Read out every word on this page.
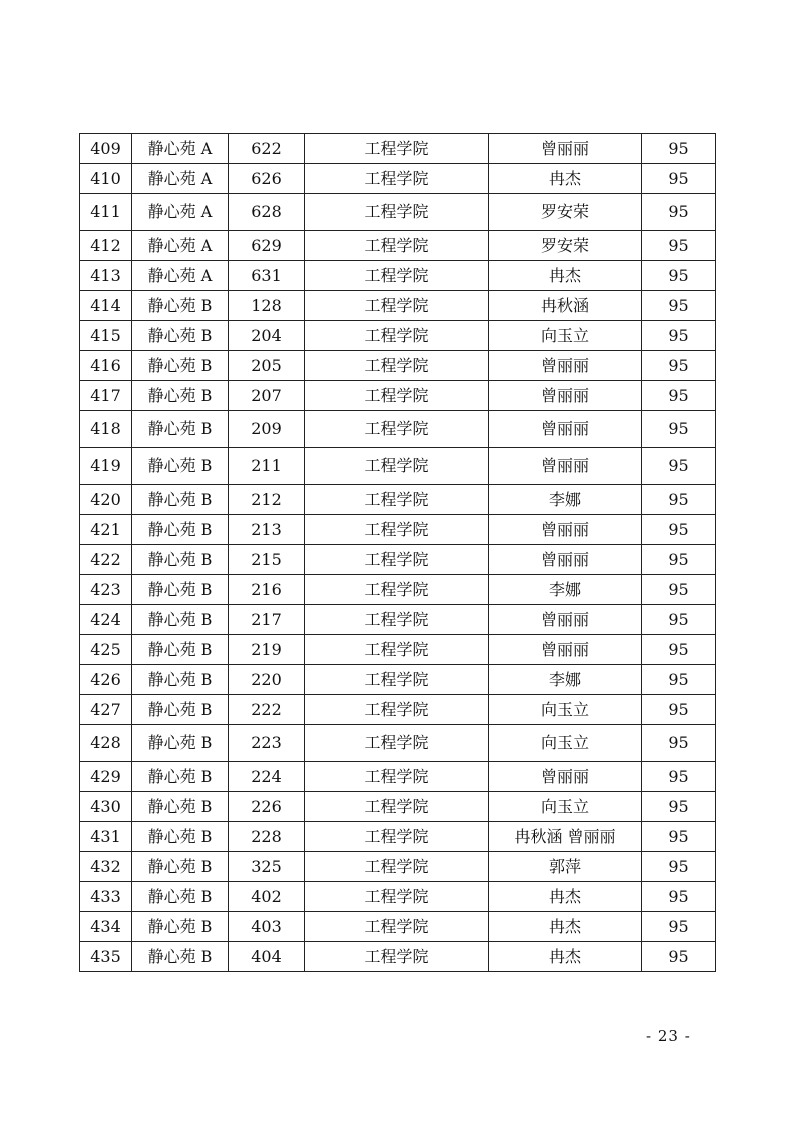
409	静心苑 A	622	工程学院	曾丽丽	95
410	静心苑 A	626	工程学院	冉杰	95
411	静心苑 A	628	工程学院	罗安荣	95
412	静心苑 A	629	工程学院	罗安荣	95
413	静心苑 A	631	工程学院	冉杰	95
414	静心苑 B	128	工程学院	冉秋涵	95
415	静心苑 B	204	工程学院	向玉立	95
416	静心苑 B	205	工程学院	曾丽丽	95
417	静心苑 B	207	工程学院	曾丽丽	95
418	静心苑 B	209	工程学院	曾丽丽	95
419	静心苑 B	211	工程学院	曾丽丽	95
420	静心苑 B	212	工程学院	李娜	95
421	静心苑 B	213	工程学院	曾丽丽	95
422	静心苑 B	215	工程学院	曾丽丽	95
423	静心苑 B	216	工程学院	李娜	95
424	静心苑 B	217	工程学院	曾丽丽	95
425	静心苑 B	219	工程学院	曾丽丽	95
426	静心苑 B	220	工程学院	李娜	95
427	静心苑 B	222	工程学院	向玉立	95
428	静心苑 B	223	工程学院	向玉立	95
429	静心苑 B	224	工程学院	曾丽丽	95
430	静心苑 B	226	工程学院	向玉立	95
431	静心苑 B	228	工程学院	冉秋涵 曾丽丽	95
432	静心苑 B	325	工程学院	郭萍	95
433	静心苑 B	402	工程学院	冉杰	95
434	静心苑 B	403	工程学院	冉杰	95
435	静心苑 B	404	工程学院	冉杰	95
- 23 -
